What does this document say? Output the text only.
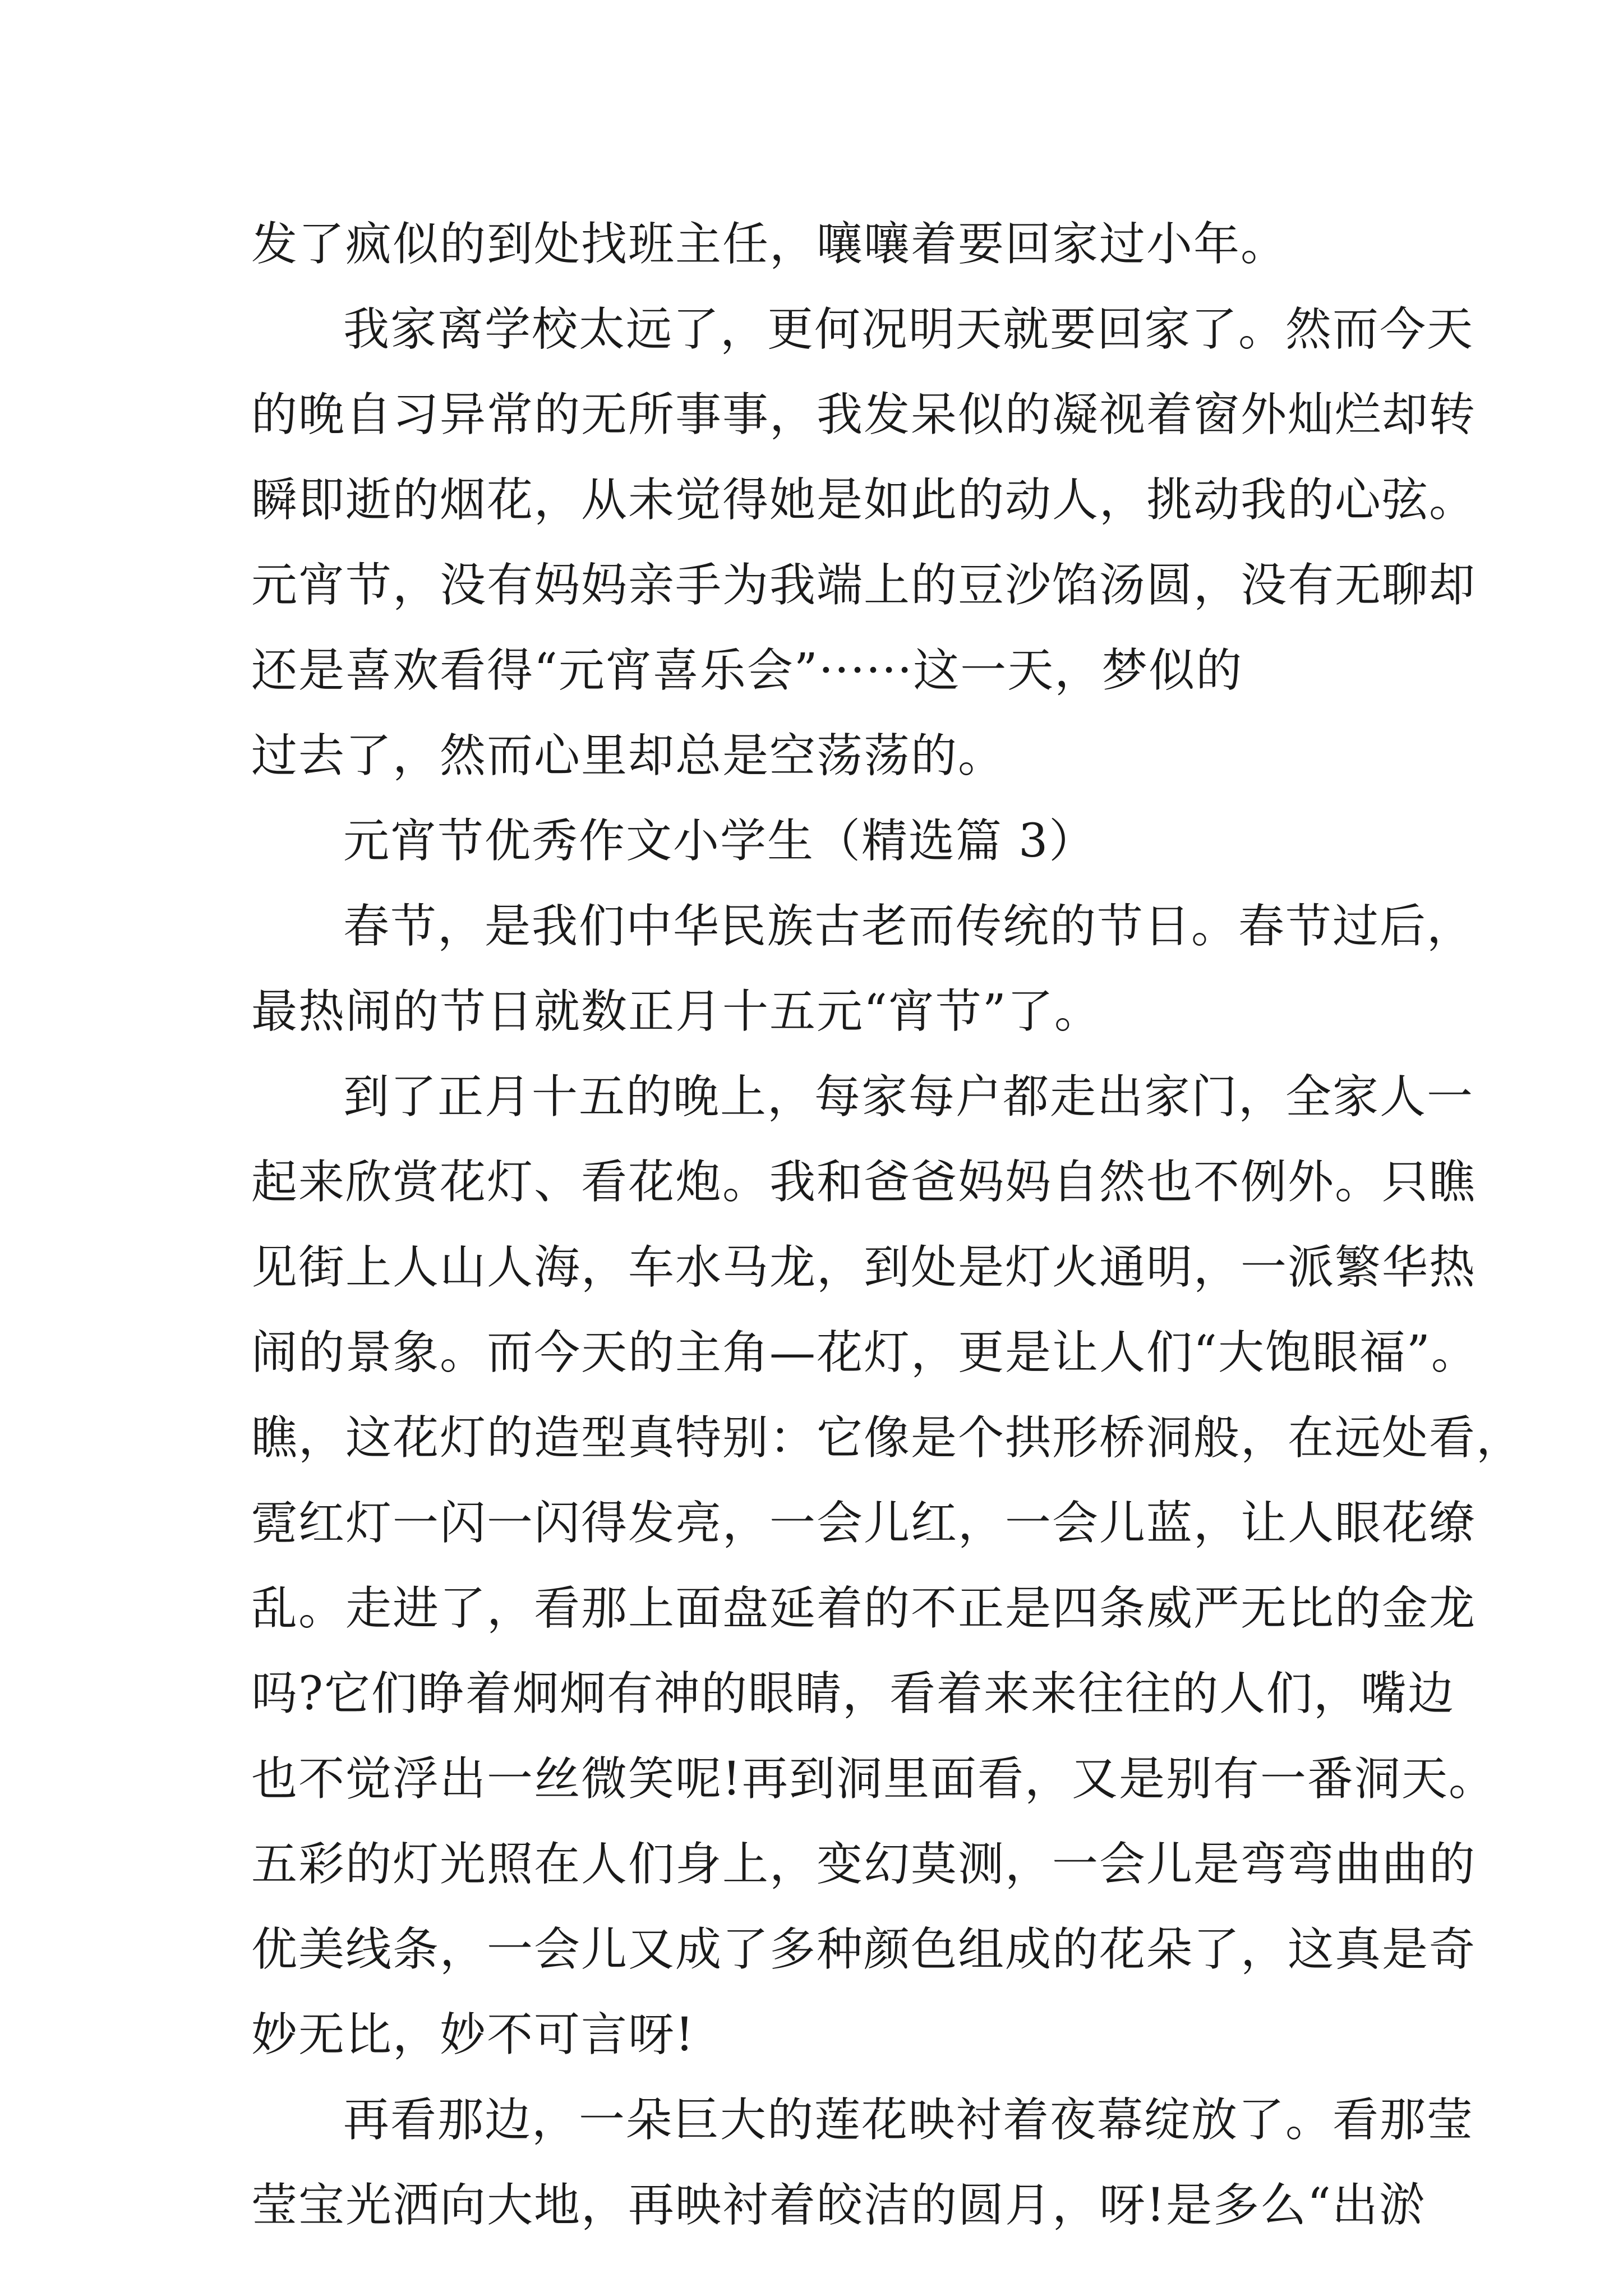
发了疯似的到处找班主任，嚷嚷着要回家过小年。
我家离学校太远了，更何况明天就要回家了。然而今天
的晚自习异常的无所事事，我发呆似的凝视着窗外灿烂却转
瞬即逝的烟花，从未觉得她是如此的动人，挑动我的心弦。
元宵节，没有妈妈亲手为我端上的豆沙馅汤圆，没有无聊却
还是喜欢看得“元宵喜乐会”······这一天，梦似的
过去了，然而心里却总是空荡荡的。
元宵节优秀作文小学生（精选篇 3）
春节，是我们中华民族古老而传统的节日。春节过后，
最热闹的节日就数正月十五元“宵节”了。
到了正月十五的晚上，每家每户都走出家门，全家人一
起来欣赏花灯、看花炮。我和爸爸妈妈自然也不例外。只瞧
见街上人山人海，车水马龙，到处是灯火通明，一派繁华热
闹的景象。而今天的主角—花灯，更是让人们“大饱眼福”。
瞧，这花灯的造型真特别：它像是个拱形桥洞般，在远处看，
霓红灯一闪一闪得发亮，一会儿红，一会儿蓝，让人眼花缭
乱。走进了，看那上面盘延着的不正是四条威严无比的金龙
吗?它们睁着炯炯有神的眼睛，看着来来往往的人们，嘴边
也不觉浮出一丝微笑呢!再到洞里面看，又是别有一番洞天。
五彩的灯光照在人们身上，变幻莫测，一会儿是弯弯曲曲的
优美线条，一会儿又成了多种颜色组成的花朵了，这真是奇
妙无比，妙不可言呀!
再看那边，一朵巨大的莲花映衬着夜幕绽放了。看那莹
莹宝光洒向大地，再映衬着皎洁的圆月，呀!是多么“出淤
